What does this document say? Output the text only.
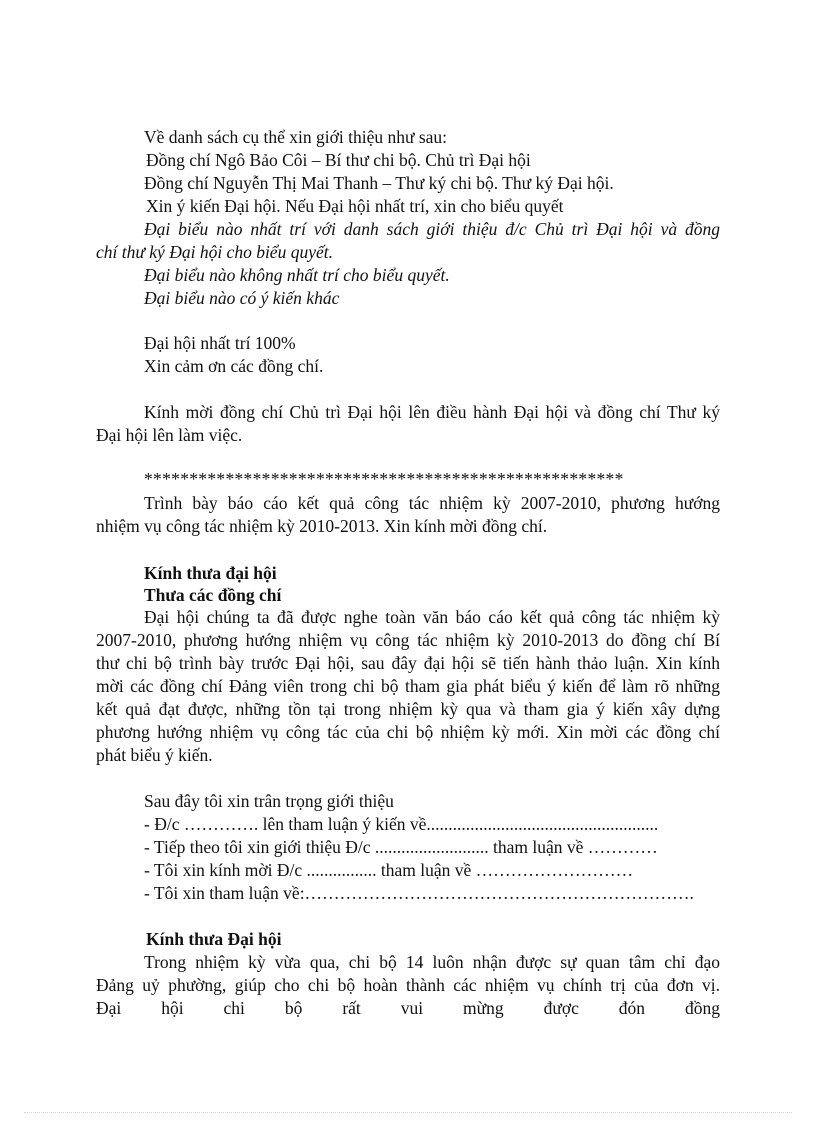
Về danh sách cụ thể xin giới thiệu như sau:
Đồng chí Ngô Bảo Côi – Bí thư chi bộ. Chủ trì Đại hội
Đồng chí Nguyễn Thị Mai Thanh – Thư ký chi bộ. Thư ký Đại hội.
Xin ý kiến Đại hội. Nếu Đại hội nhất trí, xin cho biểu quyết
Đại biểu nào nhất trí với danh sách giới thiệu đ/c Chủ trì Đại hội và đồng
chí thư ký Đại hội cho biểu quyết.
Đại biểu nào không nhất trí cho biểu quyết.
Đại biểu nào có ý kiến khác
Đại hội nhất trí 100%
Xin cảm ơn các đồng chí.
Kính mời đồng chí Chủ trì Đại hội lên điều hành Đại hội và đồng chí Thư ký
Đại hội lên làm việc.
*****************************************************
Trình bày báo cáo kết quả công tác nhiệm kỳ 2007-2010, phương hướng
nhiệm vụ công tác nhiệm kỳ 2010-2013. Xin kính mời đồng chí.
Kính thưa đại hội
Thưa các đồng chí
Đại hội chúng ta đã được nghe toàn văn báo cáo kết quả công tác nhiệm kỳ
2007-2010, phương hướng nhiệm vụ công tác nhiệm kỳ 2010-2013 do đồng chí Bí
thư chi bộ trình bày trước Đại hội, sau đây đại hội sẽ tiến hành thảo luận. Xin kính
mời các đồng chí Đảng viên trong chi bộ tham gia phát biểu ý kiến để làm rõ những
kết quả đạt được, những tồn tại trong nhiệm kỳ qua và tham gia ý kiến xây dựng
phương hướng nhiệm vụ công tác của chi bộ nhiệm kỳ mới. Xin mời các đồng chí
phát biểu ý kiến.
Sau đây tôi xin trân trọng giới thiệu
- Đ/c …………. lên tham luận ý kiến về.....................................................
- Tiếp theo tôi xin giới thiệu Đ/c .......................... tham luận về …………
- Tôi xin kính mời Đ/c ................ tham luận về ………………………
- Tôi xin tham luận về:………………………………………………………….
Kính thưa Đại hội
Trong nhiệm kỳ vừa qua, chi bộ 14 luôn nhận được sự quan tâm chỉ đạo
Đảng uỷ phường, giúp cho chi bộ hoàn thành các nhiệm vụ chính trị của đơn vị.
Đại hội chi bộ rất vui mừng được đón đồng
